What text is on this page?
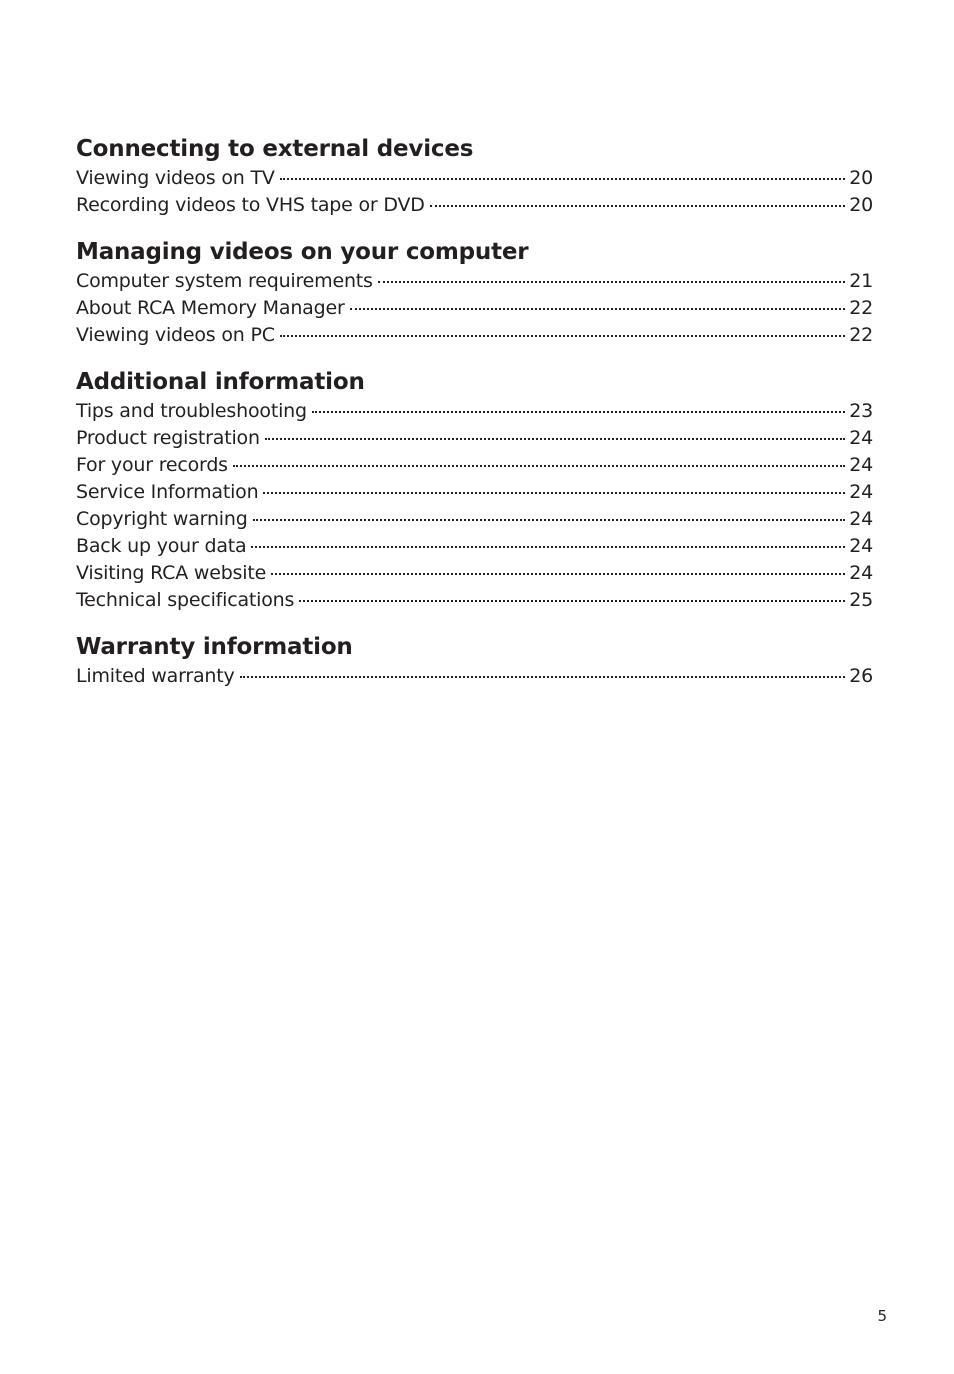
Connecting to external devices
Viewing videos on TV	20
Recording videos to VHS tape or DVD	20
Managing videos on your computer
Computer system requirements	21
About RCA Memory Manager	22
Viewing videos on PC	22
Additional information
Tips and troubleshooting	23
Product registration	24
For your records	24
Service Information	24
Copyright warning	24
Back up your data	24
Visiting RCA website	24
Technical specifications	25
Warranty information
Limited warranty	26
5
